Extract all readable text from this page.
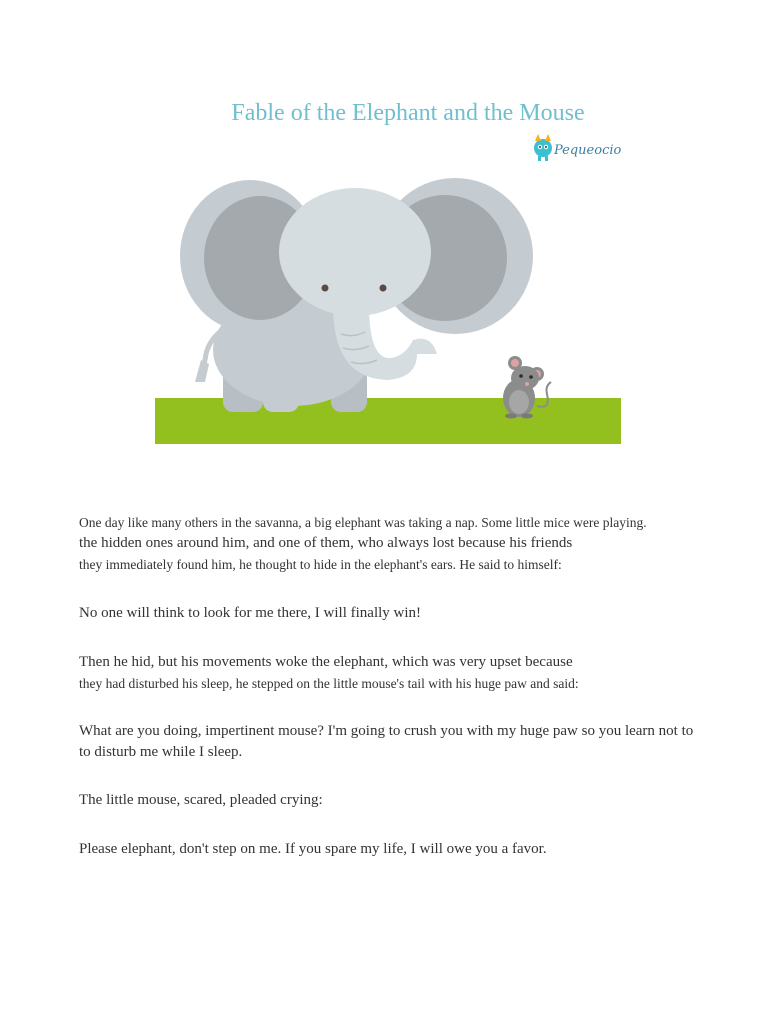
Fable of the Elephant and the Mouse
Pequeocio

One day like many others in the savanna, a big elephant was taking a nap. Some little mice were playing.
the hidden ones around him, and one of them, who always lost because his friends
they immediately found him, he thought to hide in the elephant's ears. He said to himself:

No one will think to look for me there, I will finally win!

Then he hid, but his movements woke the elephant, which was very upset because
they had disturbed his sleep, he stepped on the little mouse's tail with his huge paw and said:

What are you doing, impertinent mouse? I'm going to crush you with my huge paw so you learn not to
to disturb me while I sleep.

The little mouse, scared, pleaded crying:

Please elephant, don't step on me. If you spare my life, I will owe you a favor.
